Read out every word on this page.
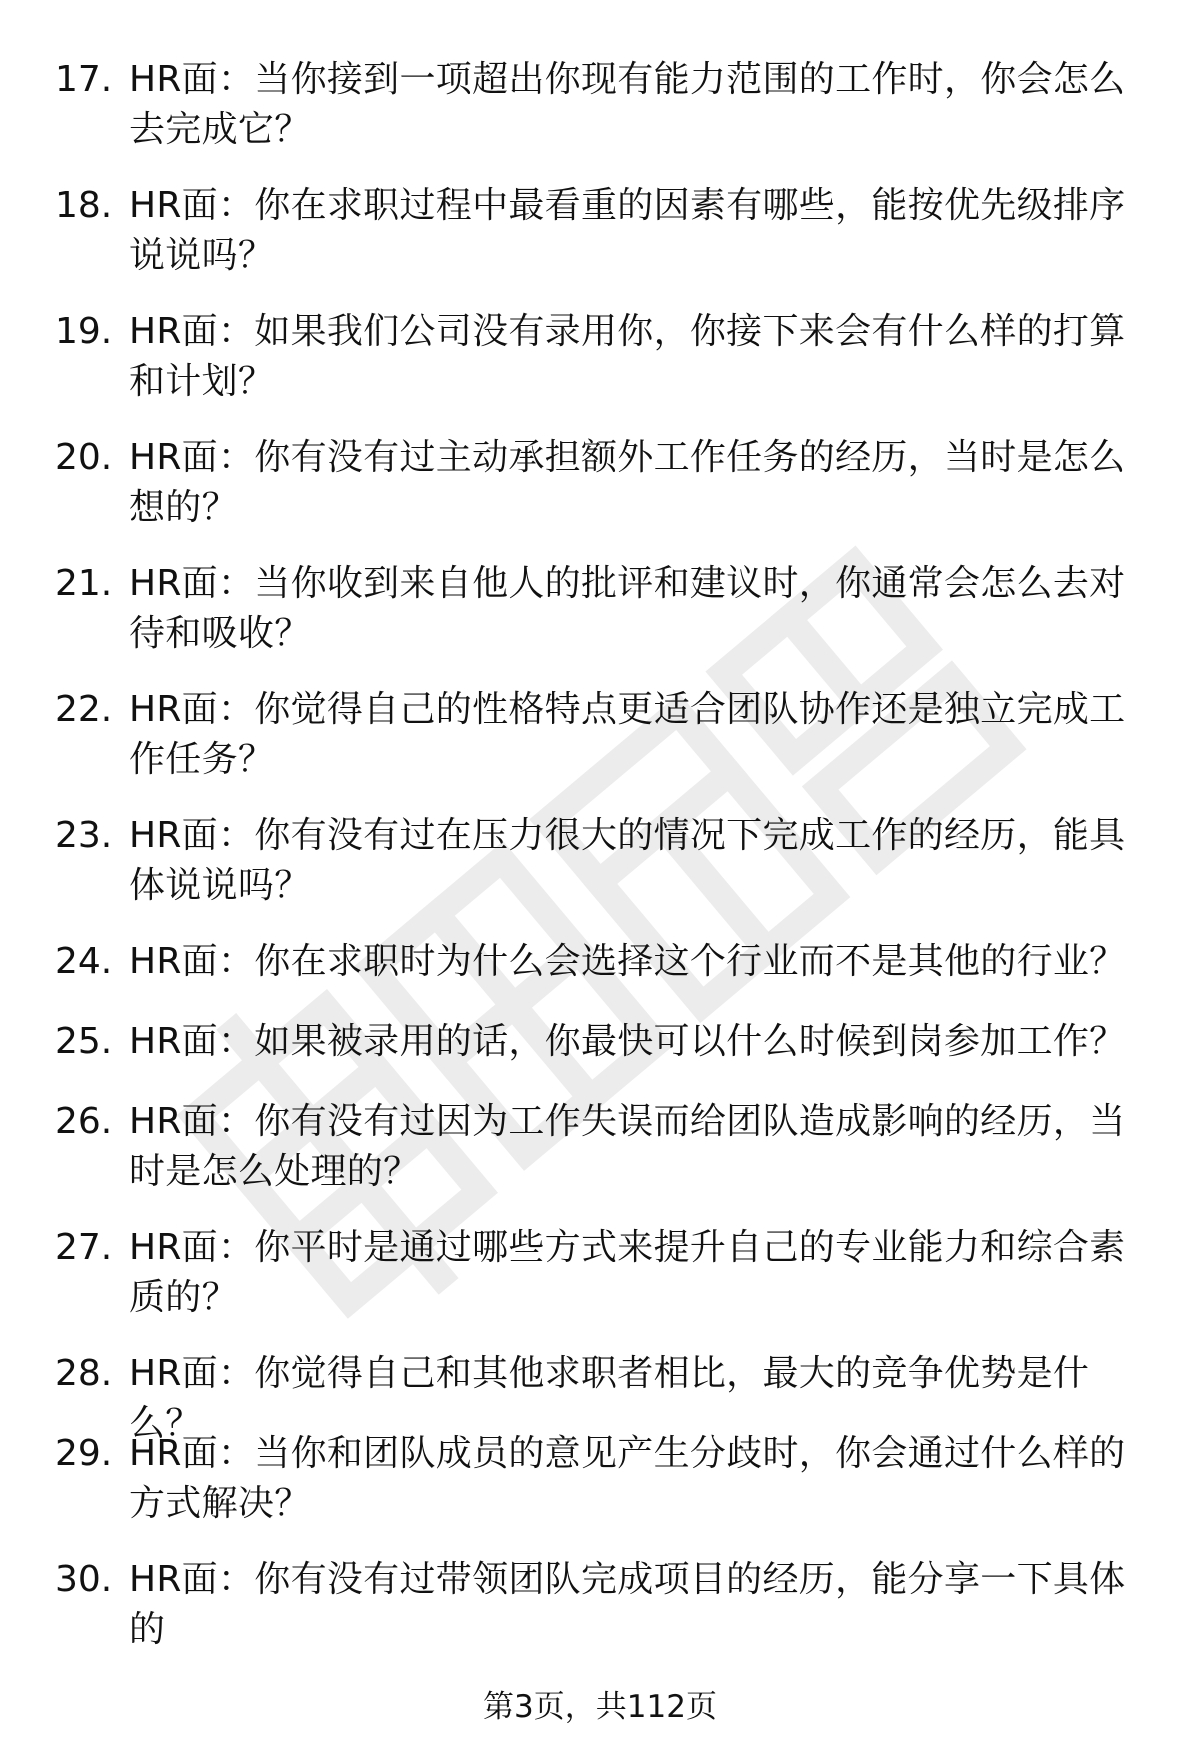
17. HR面：当你接到一项超出你现有能力范围的工作时，你会怎么去完成它？
18. HR面：你在求职过程中最看重的因素有哪些，能按优先级排序说说吗？
19. HR面：如果我们公司没有录用你，你接下来会有什么样的打算和计划？
20. HR面：你有没有过主动承担额外工作任务的经历，当时是怎么想的？
21. HR面：当你收到来自他人的批评和建议时，你通常会怎么去对待和吸收？
22. HR面：你觉得自己的性格特点更适合团队协作还是独立完成工作任务？
23. HR面：你有没有过在压力很大的情况下完成工作的经历，能具体说说吗？
24. HR面：你在求职时为什么会选择这个行业而不是其他的行业？
25. HR面：如果被录用的话，你最快可以什么时候到岗参加工作？
26. HR面：你有没有过因为工作失误而给团队造成影响的经历，当时是怎么处理的？
27. HR面：你平时是通过哪些方式来提升自己的专业能力和综合素质的？
28. HR面：你觉得自己和其他求职者相比，最大的竞争优势是什么？
29. HR面：当你和团队成员的意见产生分歧时，你会通过什么样的方式解决？
30. HR面：你有没有过带领团队完成项目的经历，能分享一下具体的
第3页，共112页
